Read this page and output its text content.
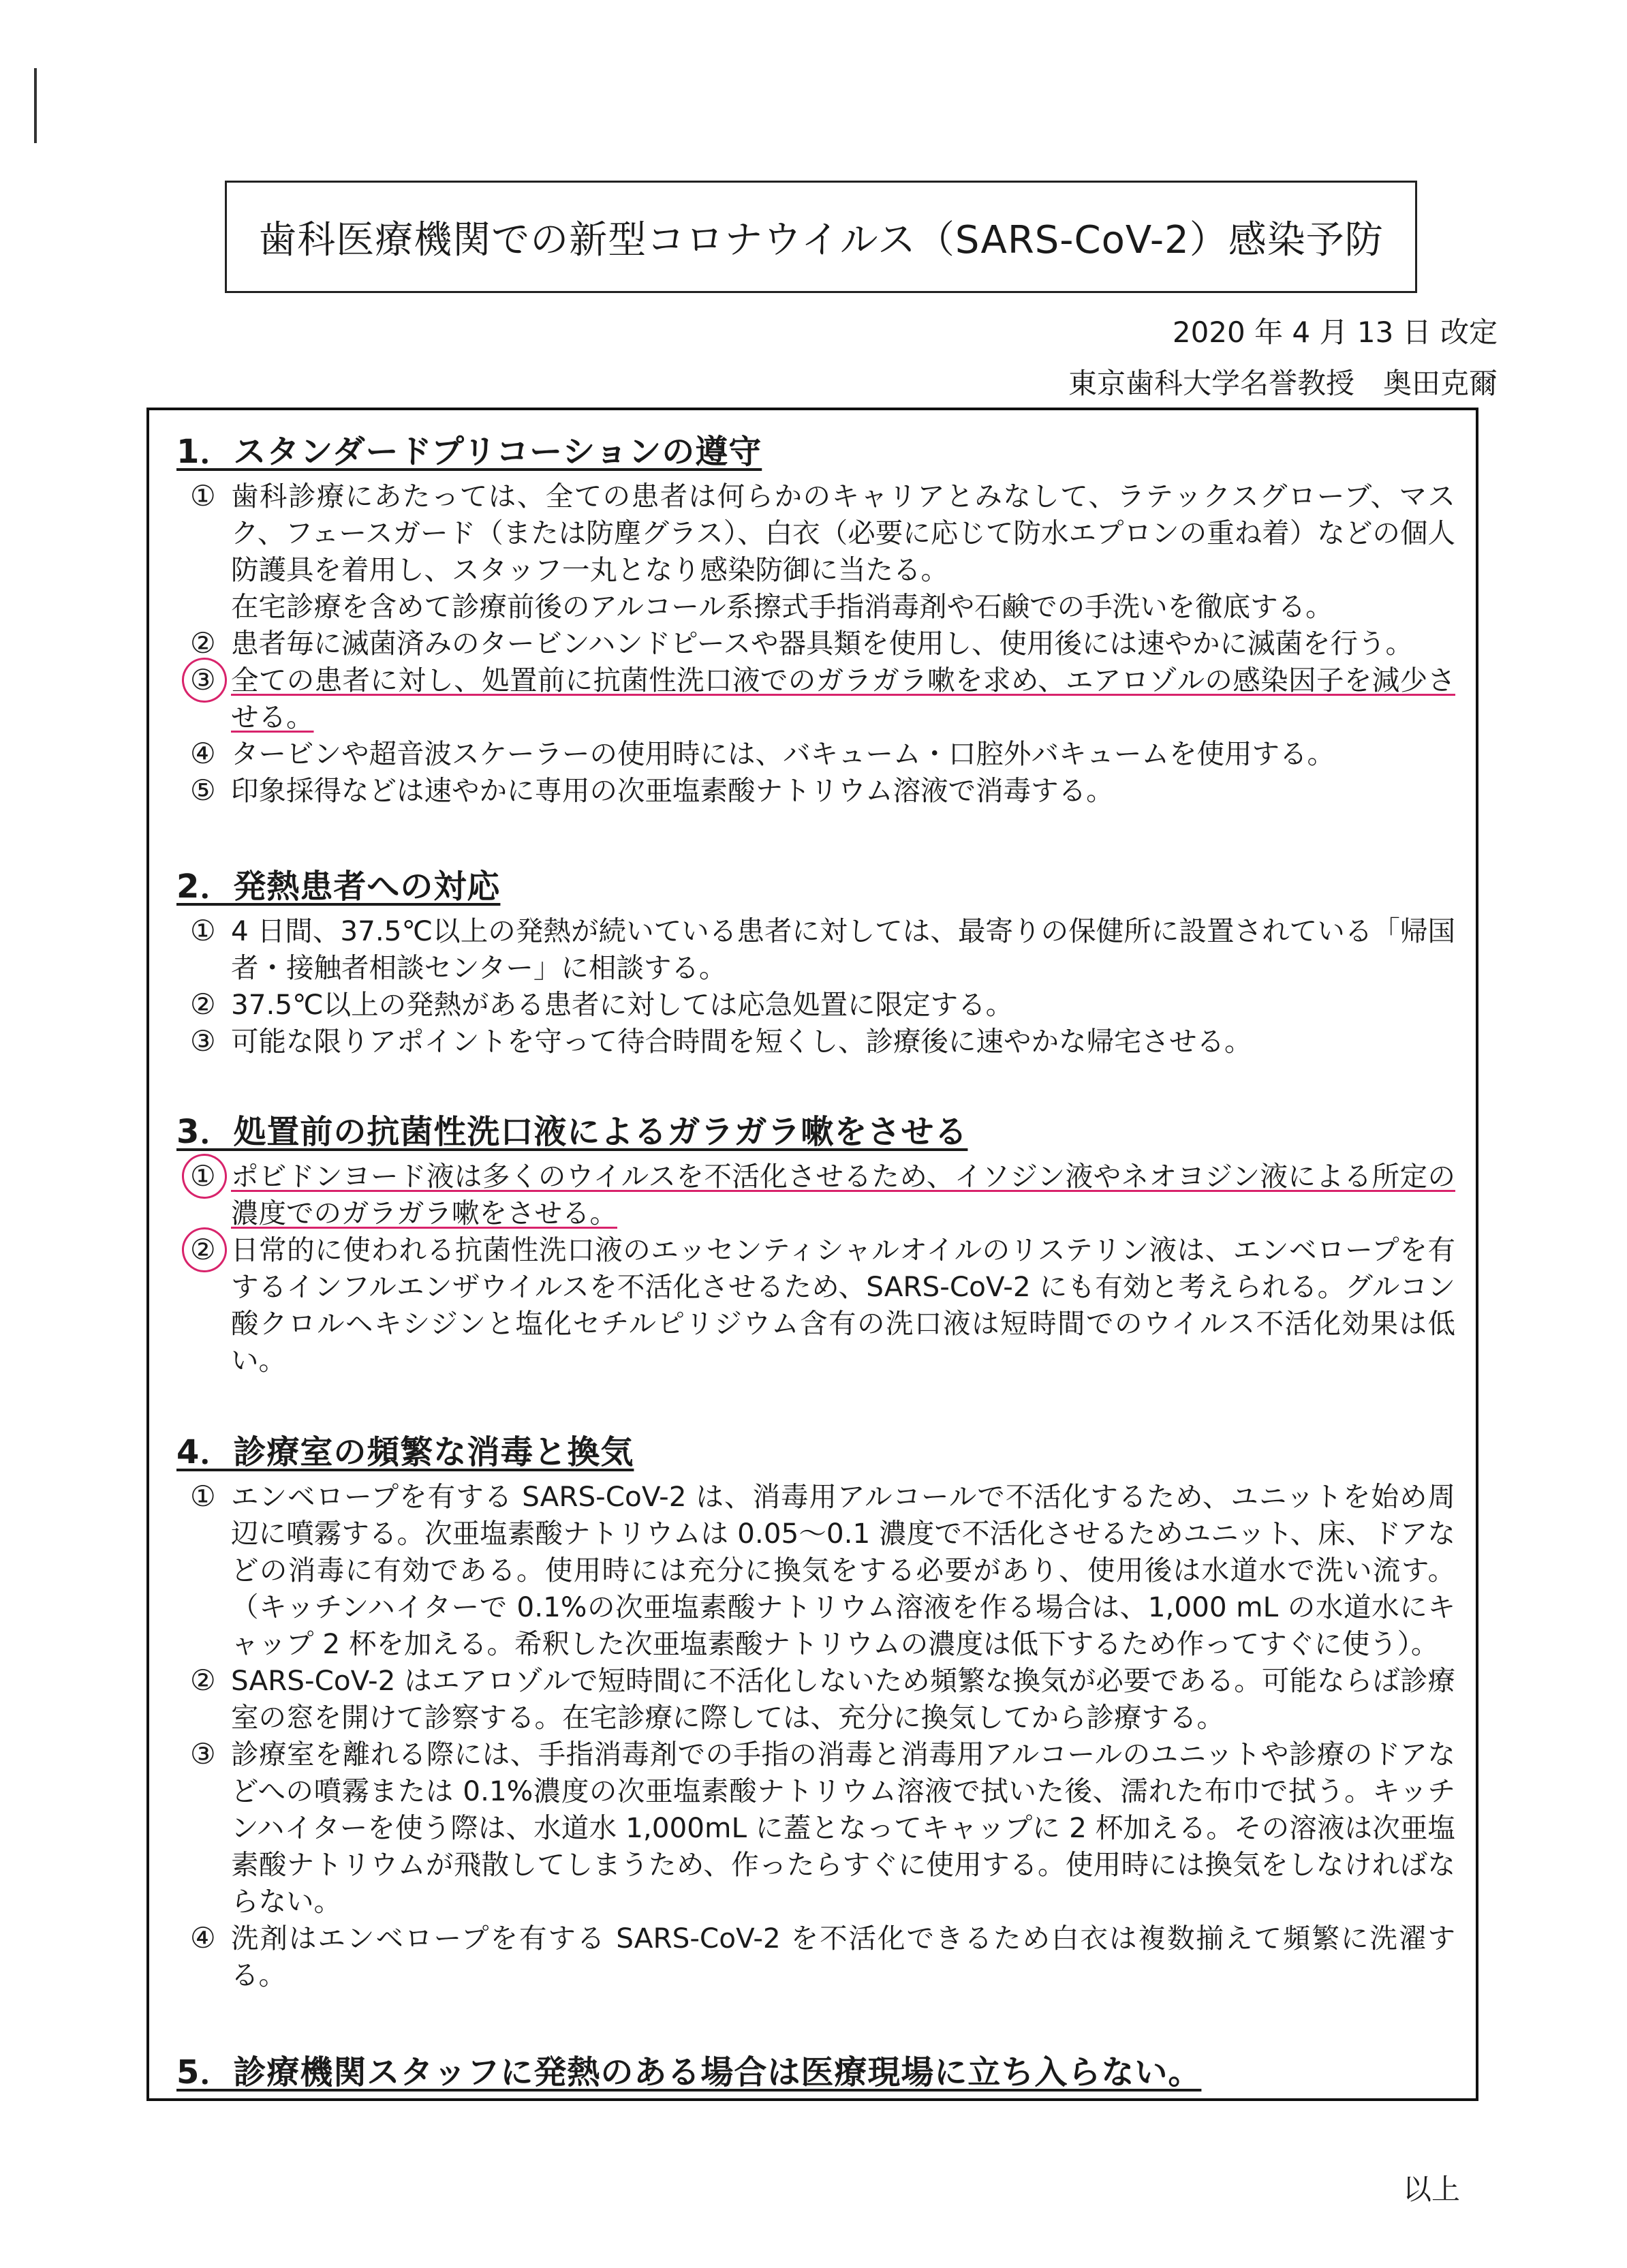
歯科医療機関での新型コロナウイルス（SARS-CoV-2）感染予防
2020 年 4 月 13 日 改定
東京歯科大学名誉教授　奥田克爾
1．スタンダードプリコーションの遵守
① 歯科診療にあたっては、全ての患者は何らかのキャリアとみなして、ラテックスグローブ、マスク、フェースガード（または防塵グラス）、白衣（必要に応じて防水エプロンの重ね着）などの個人防護具を着用し、スタッフ一丸となり感染防御に当たる。
在宅診療を含めて診療前後のアルコール系擦式手指消毒剤や石鹸での手洗いを徹底する。
② 患者毎に滅菌済みのタービンハンドピースや器具類を使用し、使用後には速やかに滅菌を行う。
③ 全ての患者に対し、処置前に抗菌性洗口液でのガラガラ嗽を求め、エアロゾルの感染因子を減少させる。
④ タービンや超音波スケーラーの使用時には、バキューム・口腔外バキュームを使用する。
⑤ 印象採得などは速やかに専用の次亜塩素酸ナトリウム溶液で消毒する。
2．発熱患者への対応
① 4 日間、37.5℃以上の発熱が続いている患者に対しては、最寄りの保健所に設置されている「帰国者・接触者相談センター」に相談する。
② 37.5℃以上の発熱がある患者に対しては応急処置に限定する。
③ 可能な限りアポイントを守って待合時間を短くし、診療後に速やかな帰宅させる。
3．処置前の抗菌性洗口液によるガラガラ嗽をさせる
① ポビドンヨード液は多くのウイルスを不活化させるため、イソジン液やネオヨジン液による所定の濃度でのガラガラ嗽をさせる。
② 日常的に使われる抗菌性洗口液のエッセンティシャルオイルのリステリン液は、エンベロープを有するインフルエンザウイルスを不活化させるため、SARS-CoV-2 にも有効と考えられる。グルコン酸クロルヘキシジンと塩化セチルピリジウム含有の洗口液は短時間でのウイルス不活化効果は低い。
4．診療室の頻繁な消毒と換気
① エンベロープを有する SARS-CoV-2 は、消毒用アルコールで不活化するため、ユニットを始め周辺に噴霧する。次亜塩素酸ナトリウムは 0.05～0.1 濃度で不活化させるためユニット、床、ドアなどの消毒に有効である。使用時には充分に換気をする必要があり、使用後は水道水で洗い流す。（キッチンハイターで 0.1%の次亜塩素酸ナトリウム溶液を作る場合は、1,000 mL の水道水にキャップ 2 杯を加える。希釈した次亜塩素酸ナトリウムの濃度は低下するため作ってすぐに使う）。
② SARS-CoV-2 はエアロゾルで短時間に不活化しないため頻繁な換気が必要である。可能ならば診療室の窓を開けて診察する。在宅診療に際しては、充分に換気してから診療する。
③ 診療室を離れる際には、手指消毒剤での手指の消毒と消毒用アルコールのユニットや診療のドアなどへの噴霧または 0.1%濃度の次亜塩素酸ナトリウム溶液で拭いた後、濡れた布巾で拭う。キッチンハイターを使う際は、水道水 1,000mL に蓋となってキャップに 2 杯加える。その溶液は次亜塩素酸ナトリウムが飛散してしまうため、作ったらすぐに使用する。使用時には換気をしなければならない。
④ 洗剤はエンベロープを有する SARS-CoV-2 を不活化できるため白衣は複数揃えて頻繁に洗濯する。
5．診療機関スタッフに発熱のある場合は医療現場に立ち入らない。
以上
